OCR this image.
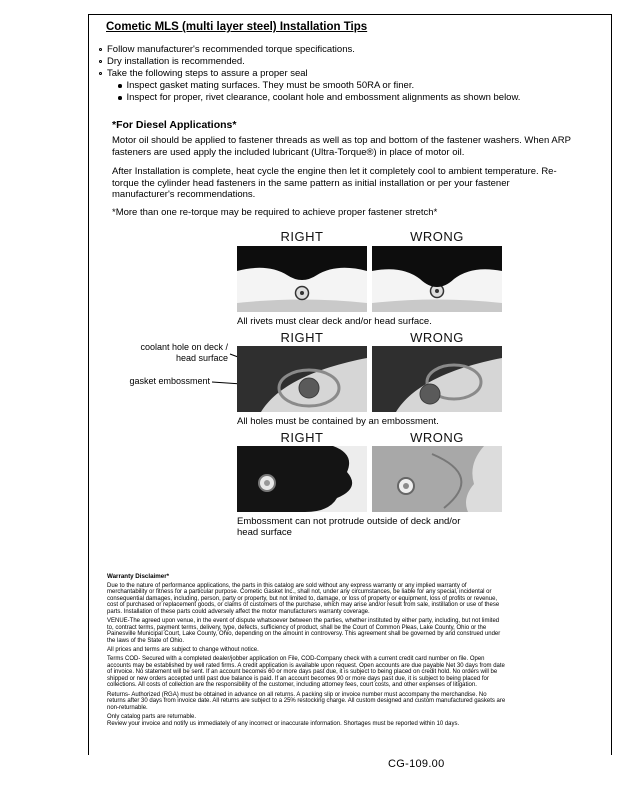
Cometic MLS (multi layer steel) Installation Tips
Follow manufacturer's recommended torque specifications.
Dry installation is recommended.
Take the following steps to assure a proper seal
Inspect gasket mating surfaces. They must be smooth 50RA or finer.
Inspect for proper, rivet clearance, coolant hole and embossment alignments as shown below.
*For Diesel Applications*
Motor oil should be applied to fastener threads as well as top and bottom of the fastener washers. When ARP fasteners are used apply the included lubricant (Ultra-Torque®) in place of motor oil.
After Installation is complete, heat cycle the engine then let it completely cool to ambient temperature. Re-torque the cylinder head fasteners in the same pattern as initial installation or per your fastener manufacturer's recommendations.
*More than one re-torque may be required to achieve proper fastener stretch*
RIGHT	WRONG
All rivets must clear deck and/or head surface.
RIGHT	WRONG
coolant hole on deck / head surface
gasket embossment
All holes must be contained by an embossment.
RIGHT	WRONG
Embossment can not protrude outside of deck and/or head surface
Warranty Disclaimer*
Due to the nature of performance applications, the parts in this catalog are sold without any express warranty or any implied warranty of merchantability or fitness for a particular purpose. Cometic Gasket Inc., shall not, under any circumstances, be liable for any special, incidental or consequential damages, including, person, party or property, but not limited to, damage, or loss of property or equipment, loss of profits or revenue, cost of purchased or replacement goods, or claims of customers of the purchase, which may arise and/or result from sale, instillation or use of these parts. Installation of these parts could adversely affect the motor manufacturers warranty coverage.
VENUE-The agreed upon venue, in the event of dispute whatsoever between the parties, whether instituted by either party, including, but not limited to, contract terms, payment terms, delivery, type, defects, sufficiency of product, shall be the Court of Common Pleas, Lake County, Ohio or the Painesville Municipal Court, Lake County, Ohio, depending on the amount in controversy. This agreement shall be governed by and construed under the laws of the State of Ohio.
All prices and terms are subject to change without notice.
Terms COD- Secured with a completed dealer/jobber application on File, COD-Company check with a current credit card number on file. Open accounts may be established by well rated firms. A credit application is available upon request. Open accounts are due payable Net 30 days from date of invoice. No statement will be sent. If an account becomes 60 or more days past due, it is subject to being placed on credit hold. No orders will be shipped or new orders accepted until past due balance is paid. If an account becomes 90 or more days past due, it is subject to being placed for collections. All costs of collection are the responsibility of the customer, including attorney fees, court costs, and other expenses of litigation.
Returns- Authorized (RGA) must be obtained in advance on all returns. A packing slip or invoice number must accompany the merchandise. No returns after 30 days from invoice date. All returns are subject to a 25% restocking charge. All custom designed and custom manufactured gaskets are non-returnable.
Only catalog parts are returnable.
Review your invoice and notify us immediately of any incorrect or inaccurate information. Shortages must be reported within 10 days.
CG-109.00
